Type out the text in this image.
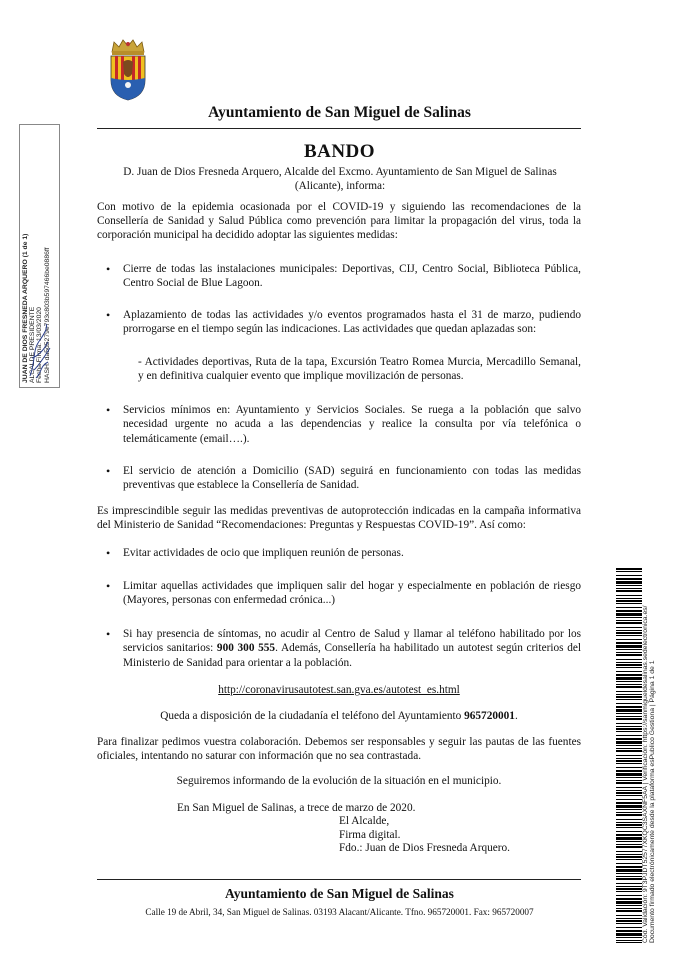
Ayuntamiento de San Miguel de Salinas
JUAN DE DIOS FRESNEDA ARQUERO (1 de 1) ALCALDE PRESIDENTE Fecha Firma: 13/03/2020 HASH: da5d5279e793c803b597466be0886ff
BANDO
D. Juan de Dios Fresneda Arquero, Alcalde del Excmo. Ayuntamiento de San Miguel de Salinas (Alicante), informa:
Con motivo de la epidemia ocasionada por el COVID-19 y siguiendo las recomendaciones de la Consellería de Sanidad y Salud Pública como prevención para limitar la propagación del virus, toda la corporación municipal ha decidido adoptar las siguientes medidas:
• Cierre de todas las instalaciones municipales: Deportivas, CIJ, Centro Social, Biblioteca Pública, Centro Social de Blue Lagoon.
• Aplazamiento de todas las actividades y/o eventos programados hasta el 31 de marzo, pudiendo prorrogarse en el tiempo según las indicaciones. Las actividades que quedan aplazadas son:
- Actividades deportivas, Ruta de la tapa, Excursión Teatro Romea Murcia, Mercadillo Semanal, y en definitiva cualquier evento que implique movilización de personas.
• Servicios mínimos en: Ayuntamiento y Servicios Sociales. Se ruega a la población que salvo necesidad urgente no acuda a las dependencias y realice la consulta por vía telefónica o telemáticamente (email….).
• El servicio de atención a Domicilio (SAD) seguirá en funcionamiento con todas las medidas preventivas que establece la Consellería de Sanidad.
Es imprescindible seguir las medidas preventivas de autoprotección indicadas en la campaña informativa del Ministerio de Sanidad “Recomendaciones: Preguntas y Respuestas COVID-19”. Así como:
• Evitar actividades de ocio que impliquen reunión de personas.
• Limitar aquellas actividades que impliquen salir del hogar y especialmente en población de riesgo (Mayores, personas con enfermedad crónica...)
• Si hay presencia de síntomas, no acudir al Centro de Salud y llamar al teléfono habilitado por los servicios sanitarios: 900 300 555. Además, Consellería ha habilitado un autotest según criterios del Ministerio de Sanidad para orientar a la población.
http://coronavirusautotest.san.gva.es/autotest_es.html
Queda a disposición de la ciudadanía el teléfono del Ayuntamiento 965720001.
Para finalizar pedimos vuestra colaboración. Debemos ser responsables y seguir las pautas de las fuentes oficiales, intentando no saturar con información que no sea contrastada.
Seguiremos informando de la evolución de la situación en el municipio.
En San Miguel de Salinas, a trece de marzo de 2020.
El Alcalde,
Firma digital.
Fdo.: Juan de Dios Fresneda Arquero.
Ayuntamiento de San Miguel de Salinas
Calle 19 de Abril, 34, San Miguel de Salinas. 03193 Alacant/Alicante. Tfno. 965720001. Fax: 965720007	Cód. Validación: 9T3PJDT52577XKQC3SAXNF5AA | Verificación: https://sanmigueldesalinas.sedelectronica.es/ Documento firmado electrónicamente desde la plataforma esPublico Gestiona | Página 1 de 1
